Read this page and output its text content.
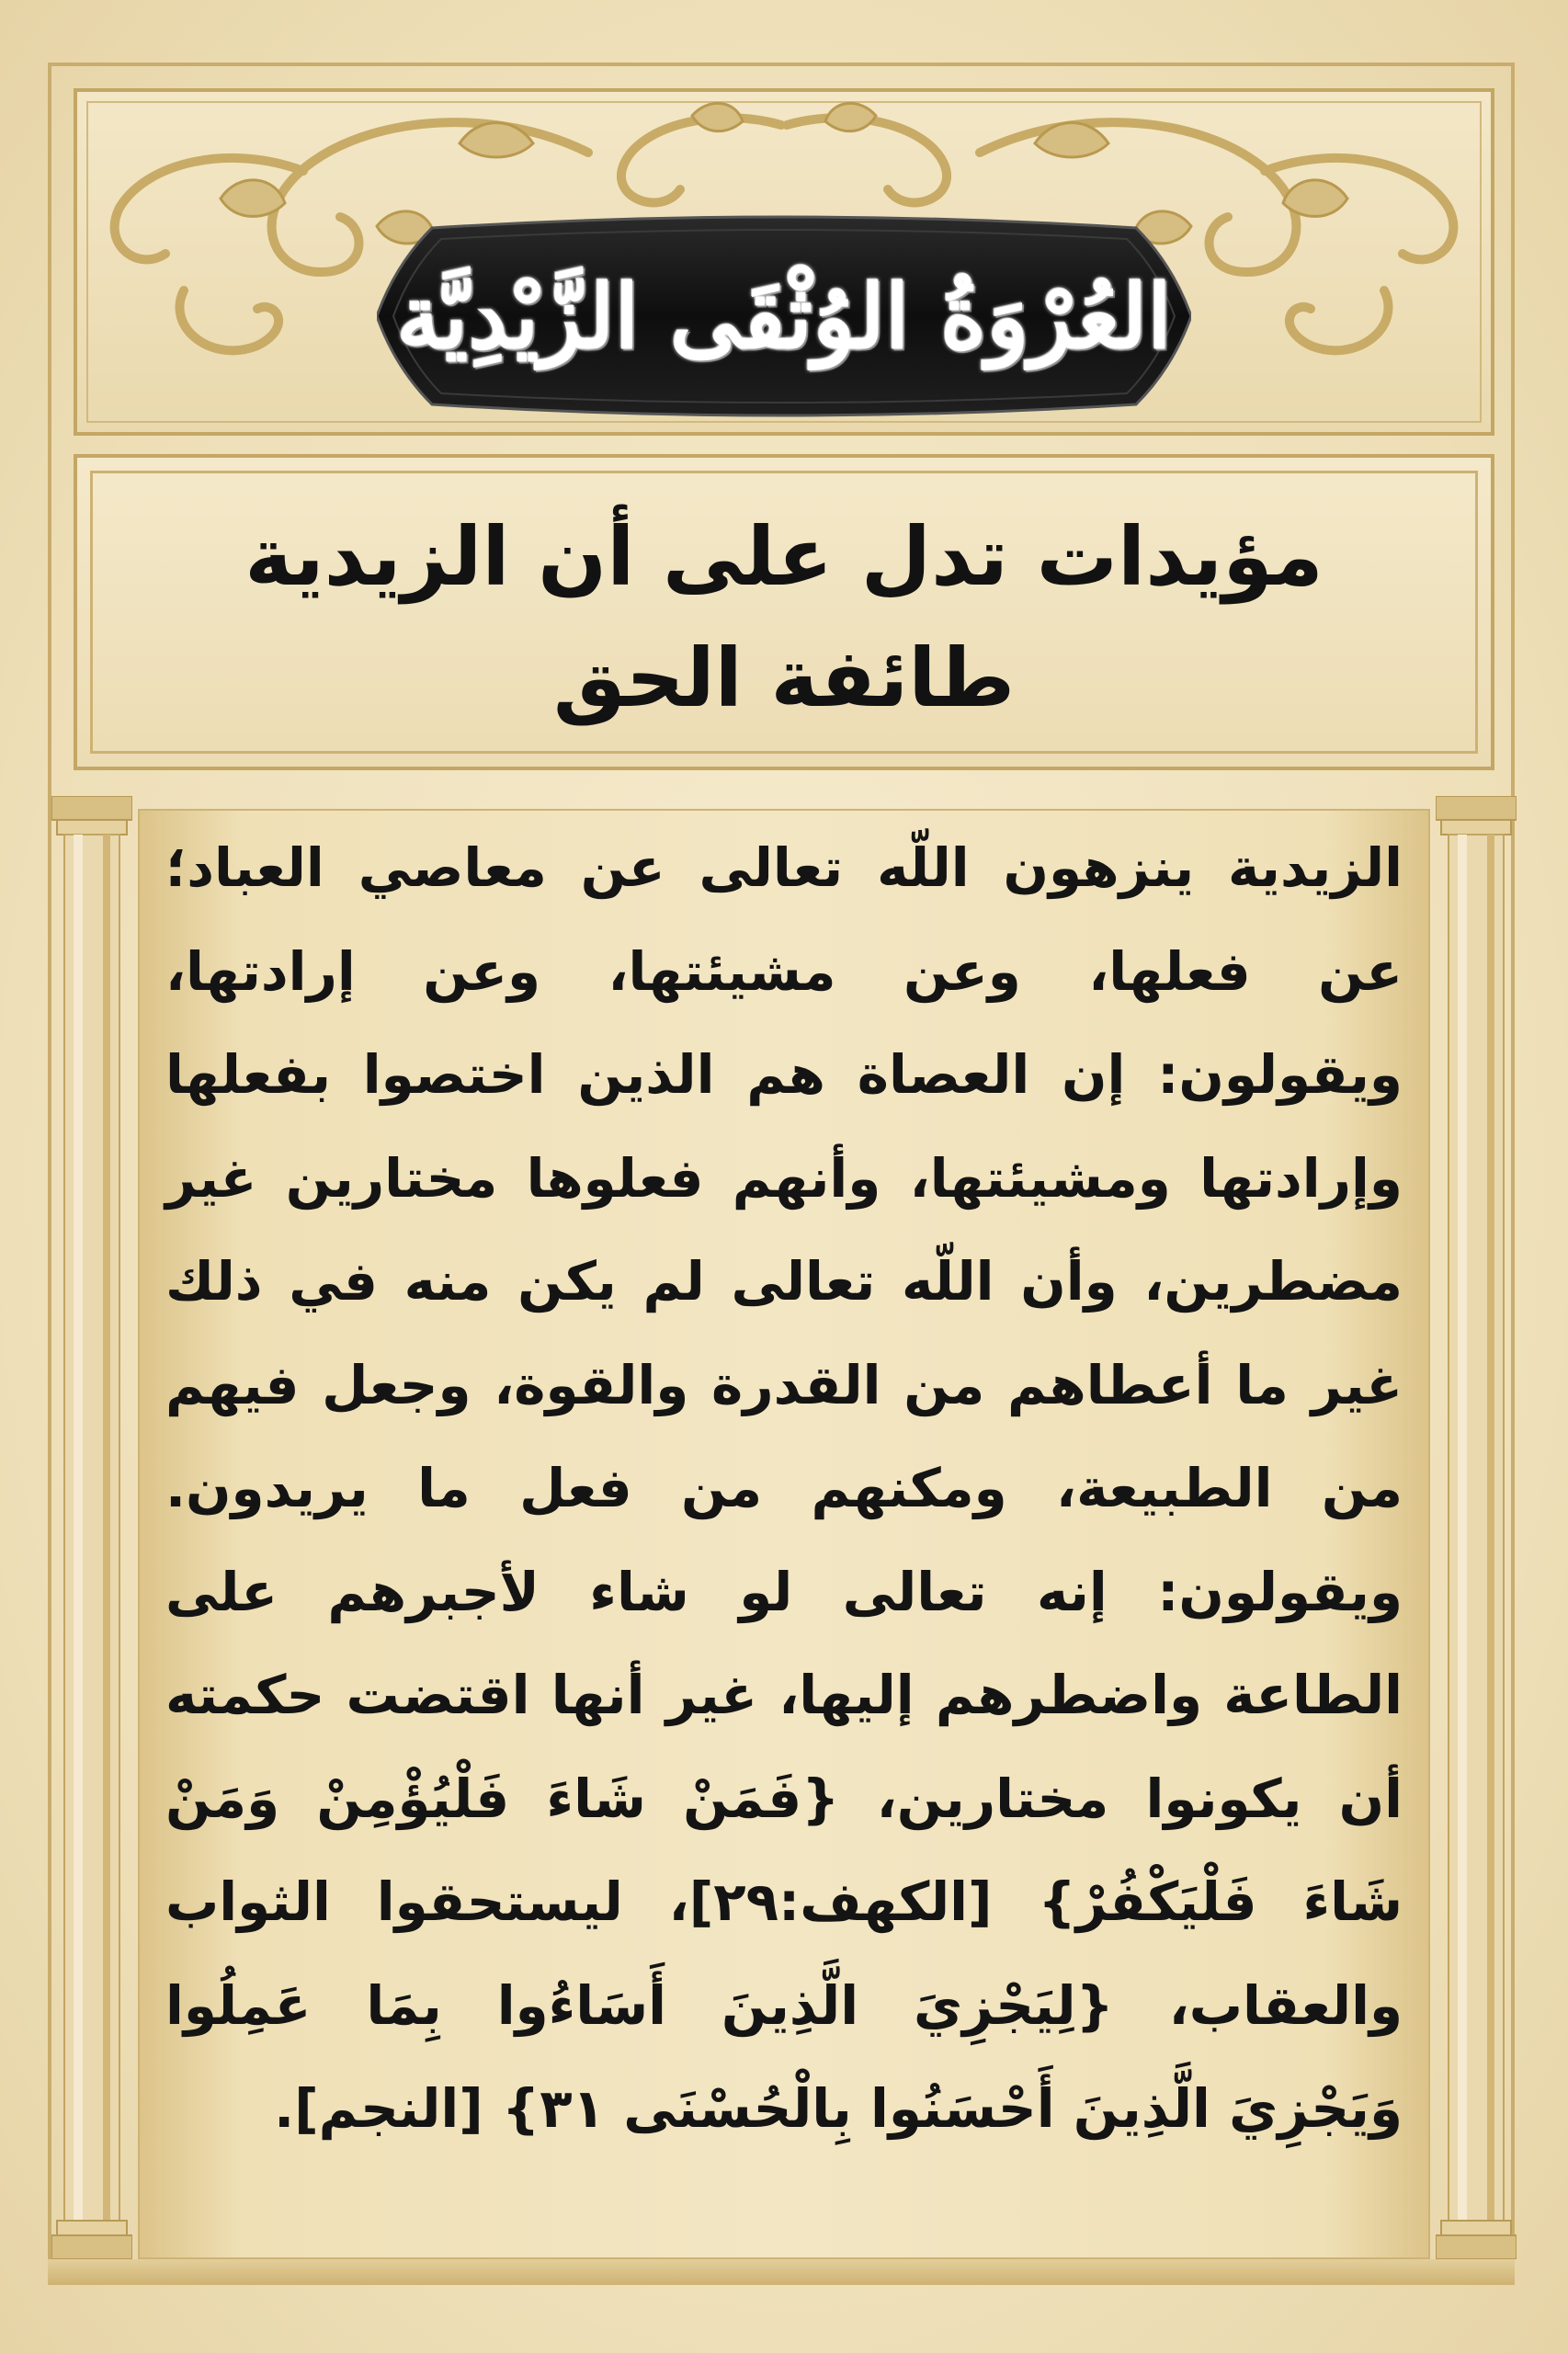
العُرْوَةُ الوُثْقَى الزَّيْدِيَّة
مؤيدات تدل على أن الزيدية
طائفة الحق

الزيدية ينزهون اللّه تعالى عن معاصي العباد؛ عن فعلها، وعن مشيئتها، وعن إرادتها، ويقولون: إن العصاة هم الذين اختصوا بفعلها وإرادتها ومشيئتها، وأنهم فعلوها مختارين غير مضطرين، وأن اللّه تعالى لم يكن منه في ذلك غير ما أعطاهم من القدرة والقوة، وجعل فيهم من الطبيعة، ومكنهم من فعل ما يريدون. ويقولون: إنه تعالى لو شاء لأجبرهم على الطاعة واضطرهم إليها، غير أنها اقتضت حكمته أن يكونوا مختارين، {فَمَنْ شَاءَ فَلْيُؤْمِنْ وَمَنْ شَاءَ فَلْيَكْفُرْ} [الكهف:٢٩]، ليستحقوا الثواب والعقاب، {لِيَجْزِيَ الَّذِينَ أَسَاءُوا بِمَا عَمِلُوا وَيَجْزِيَ الَّذِينَ أَحْسَنُوا بِالْحُسْنَى ٣١} [النجم].
